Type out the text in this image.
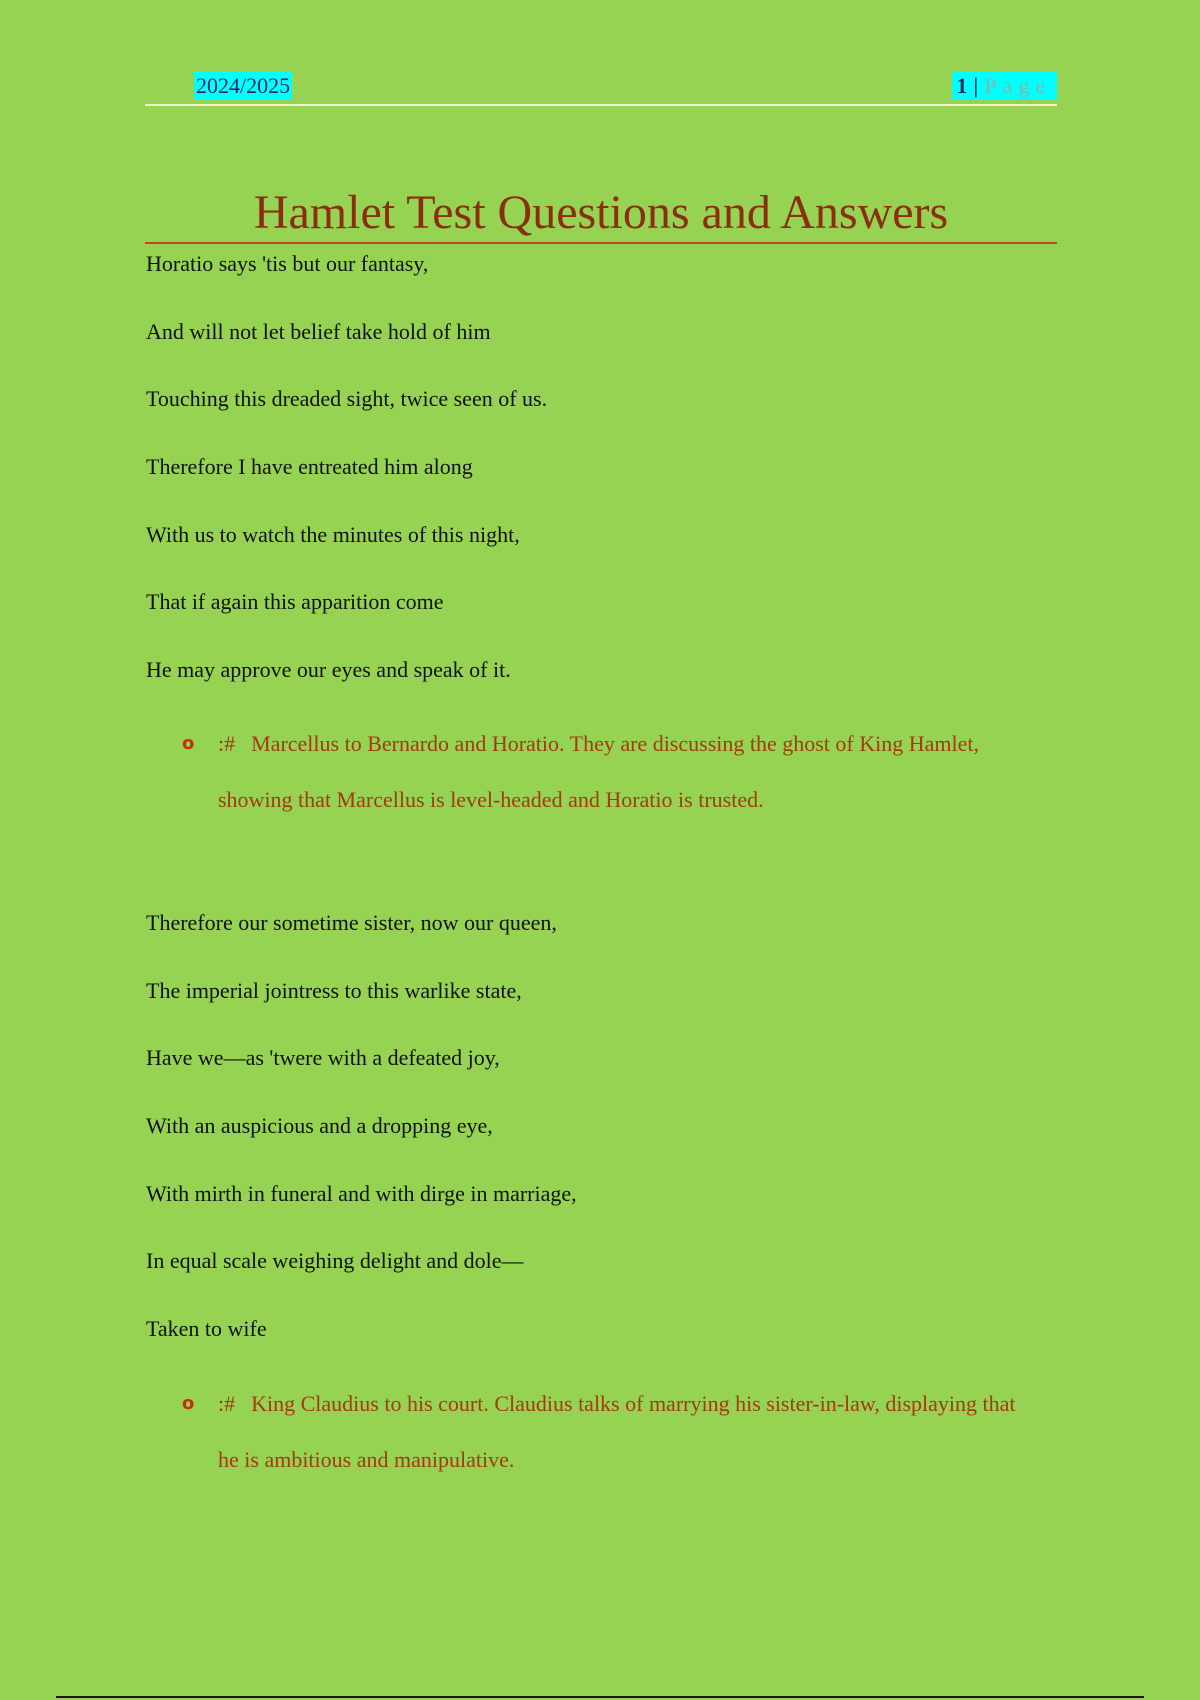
2024/2025	1 | Page
Hamlet Test Questions and Answers
Horatio says 'tis but our fantasy,
And will not let belief take hold of him
Touching this dreaded sight, twice seen of us.
Therefore I have entreated him along
With us to watch the minutes of this night,
That if again this apparition come
He may approve our eyes and speak of it.
o :# Marcellus to Bernardo and Horatio. They are discussing the ghost of King Hamlet, showing that Marcellus is level-headed and Horatio is trusted.
Therefore our sometime sister, now our queen,
The imperial jointress to this warlike state,
Have we—as 'twere with a defeated joy,
With an auspicious and a dropping eye,
With mirth in funeral and with dirge in marriage,
In equal scale weighing delight and dole—
Taken to wife
o :# King Claudius to his court. Claudius talks of marrying his sister-in-law, displaying that he is ambitious and manipulative.
